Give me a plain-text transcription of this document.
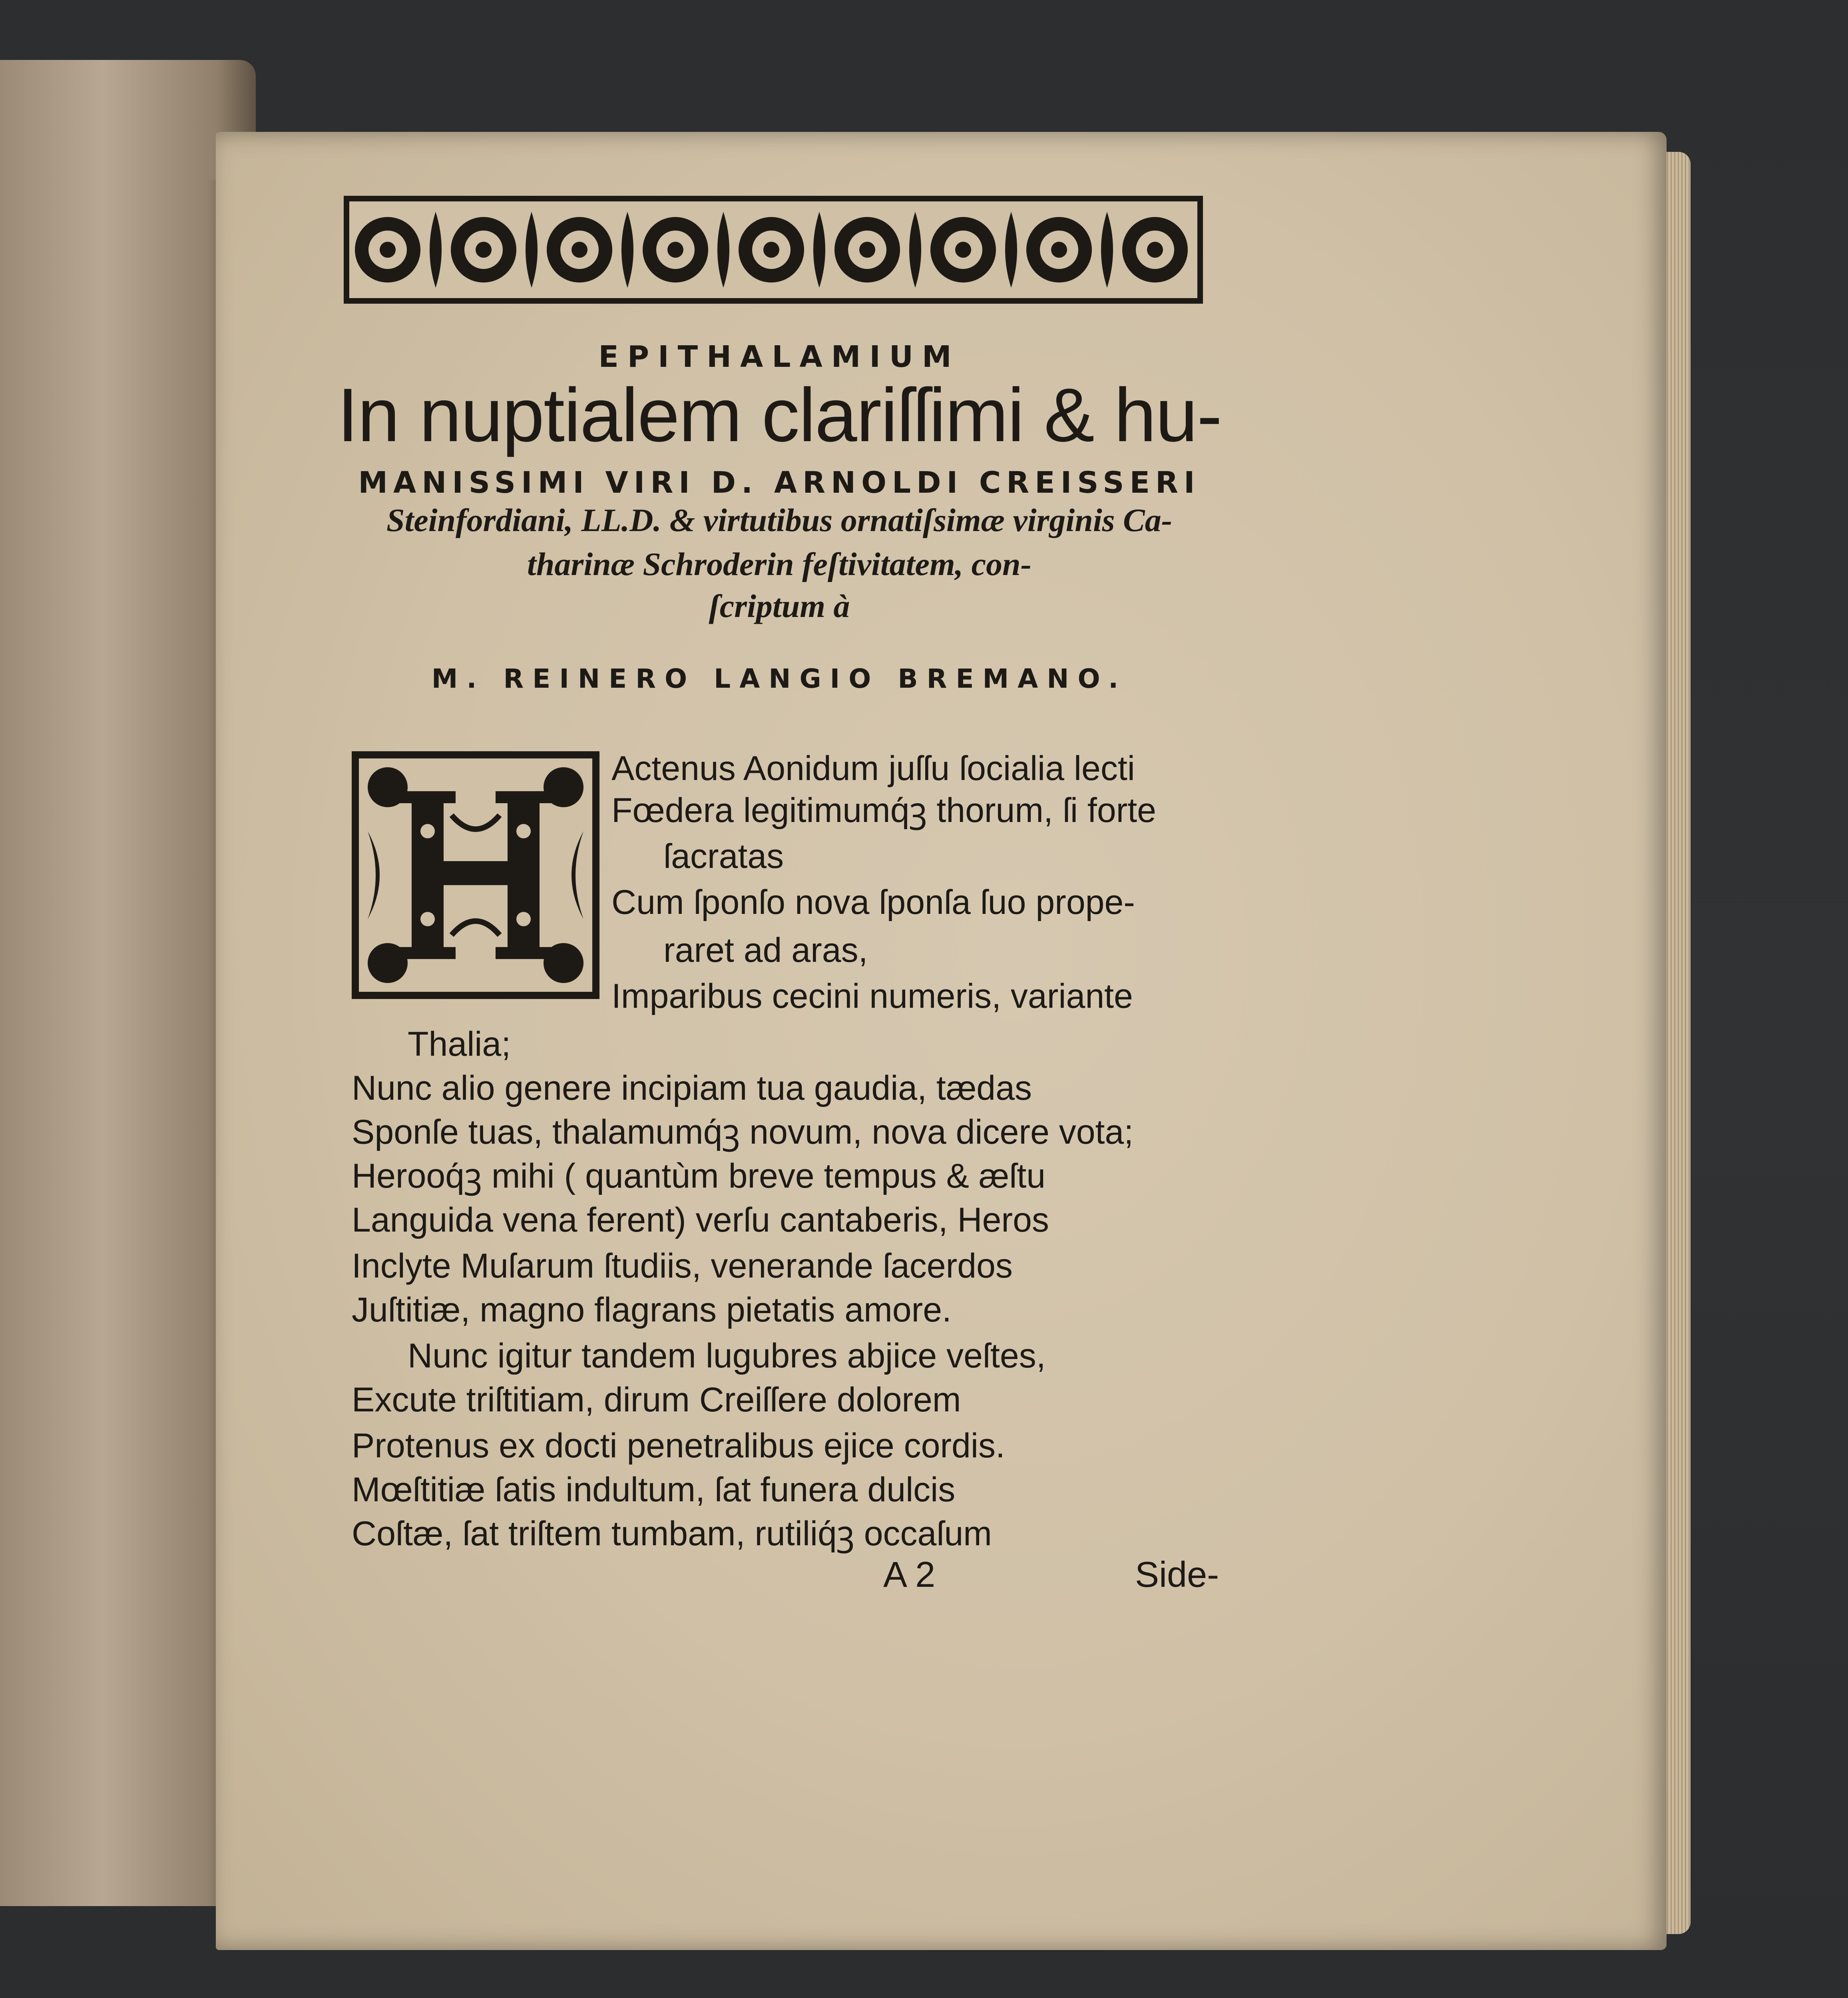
EPITHALAMIUM
In nuptialem clariſſimi & hu-
MANISSIMI VIRI D. ARNOLDI CREISSERI
Steinfordiani, LL.D. & virtutibus ornatiſsimæ virginis Ca-
tharinæ Schroderin feſtivitatem, con-
ſcriptum à
M. REINERO LANGIO BREMANO.
Actenus Aonidum juſſu ſocialia lecti
Fœdera legitimumq́ꝫ thorum, ſi forte
ſacratas
Cum ſponſo nova ſponſa ſuo prope-
raret ad aras,
Imparibus cecini numeris, variante
Thalia;
Nunc alio genere incipiam tua gaudia, tædas
Sponſe tuas, thalamumq́ꝫ novum, nova dicere vota;
Herooq́ꝫ mihi ( quantùm breve tempus & æſtu
Languida vena ferent) verſu cantaberis, Heros
Inclyte Muſarum ſtudiis, venerande ſacerdos
Juſtitiæ, magno flagrans pietatis amore.
Nunc igitur tandem lugubres abjice veſtes,
Excute triſtitiam, dirum Creiſſere dolorem
Protenus ex docti penetralibus ejice cordis.
Mœſtitiæ ſatis indultum, ſat funera dulcis
Coſtæ, ſat triſtem tumbam, rutiliq́ꝫ occaſum
A 2	Side-
